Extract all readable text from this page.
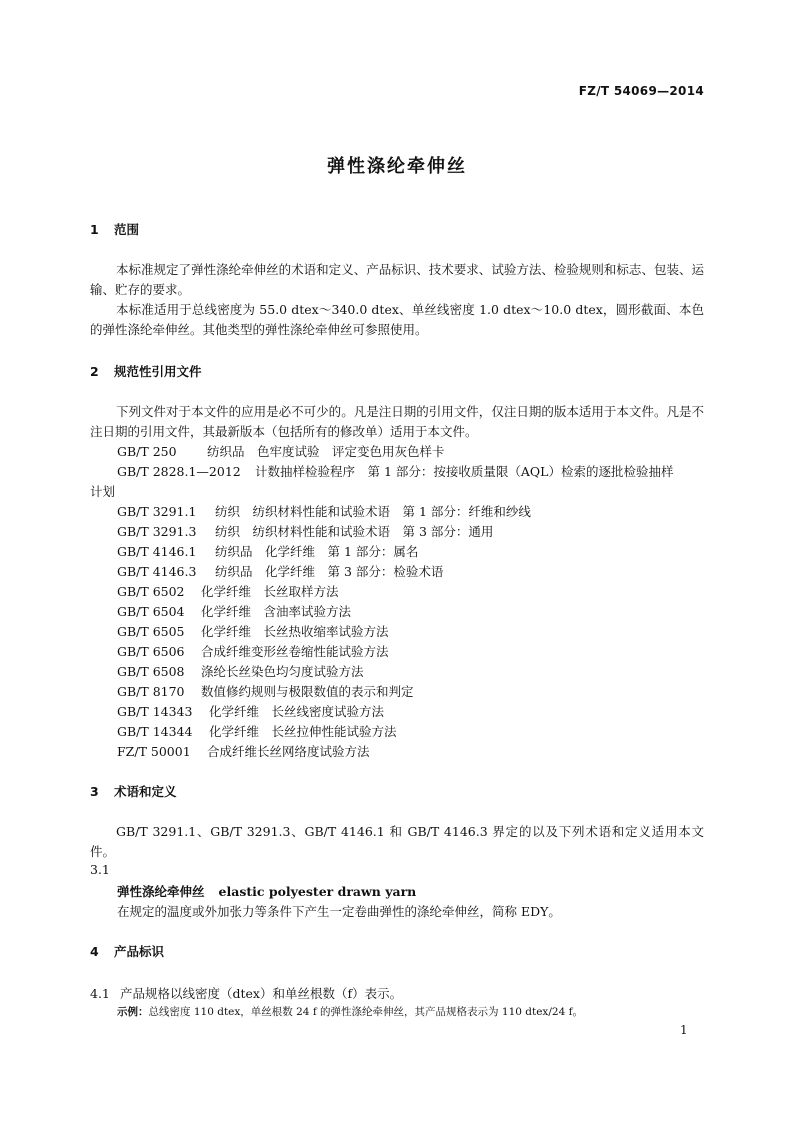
FZ/T 54069—2014
弹性涤纶牵伸丝
1 范围
本标准规定了弹性涤纶牵伸丝的术语和定义、产品标识、技术要求、试验方法、检验规则和标志、包装、运输、贮存的要求。
本标准适用于总线密度为 55.0 dtex～340.0 dtex、单丝线密度 1.0 dtex～10.0 dtex，圆形截面、本色的弹性涤纶牵伸丝。其他类型的弹性涤纶牵伸丝可参照使用。
2 规范性引用文件
下列文件对于本文件的应用是必不可少的。凡是注日期的引用文件，仅注日期的版本适用于本文件。凡是不注日期的引用文件，其最新版本（包括所有的修改单）适用于本文件。
GB/T 250 纺织品　色牢度试验　评定变色用灰色样卡
GB/T 2828.1—2012 计数抽样检验程序　第 1 部分：按接收质量限（AQL）检索的逐批检验抽样
计划
GB/T 3291.1 纺织　纺织材料性能和试验术语　第 1 部分：纤维和纱线
GB/T 3291.3 纺织　纺织材料性能和试验术语　第 3 部分：通用
GB/T 4146.1 纺织品　化学纤维　第 1 部分：属名
GB/T 4146.3 纺织品　化学纤维　第 3 部分：检验术语
GB/T 6502 化学纤维　长丝取样方法
GB/T 6504 化学纤维　含油率试验方法
GB/T 6505 化学纤维　长丝热收缩率试验方法
GB/T 6506 合成纤维变形丝卷缩性能试验方法
GB/T 6508 涤纶长丝染色均匀度试验方法
GB/T 8170 数值修约规则与极限数值的表示和判定
GB/T 14343 化学纤维　长丝线密度试验方法
GB/T 14344 化学纤维　长丝拉伸性能试验方法
FZ/T 50001 合成纤维长丝网络度试验方法
3 术语和定义
GB/T 3291.1、GB/T 3291.3、GB/T 4146.1 和 GB/T 4146.3 界定的以及下列术语和定义适用本文件。
3.1
弹性涤纶牵伸丝 elastic polyester drawn yarn
在规定的温度或外加张力等条件下产生一定卷曲弹性的涤纶牵伸丝，简称 EDY。
4 产品标识
4.1 产品规格以线密度（dtex）和单丝根数（f）表示。
示例：总线密度 110 dtex，单丝根数 24 f 的弹性涤纶牵伸丝，其产品规格表示为 110 dtex/24 f。
1
